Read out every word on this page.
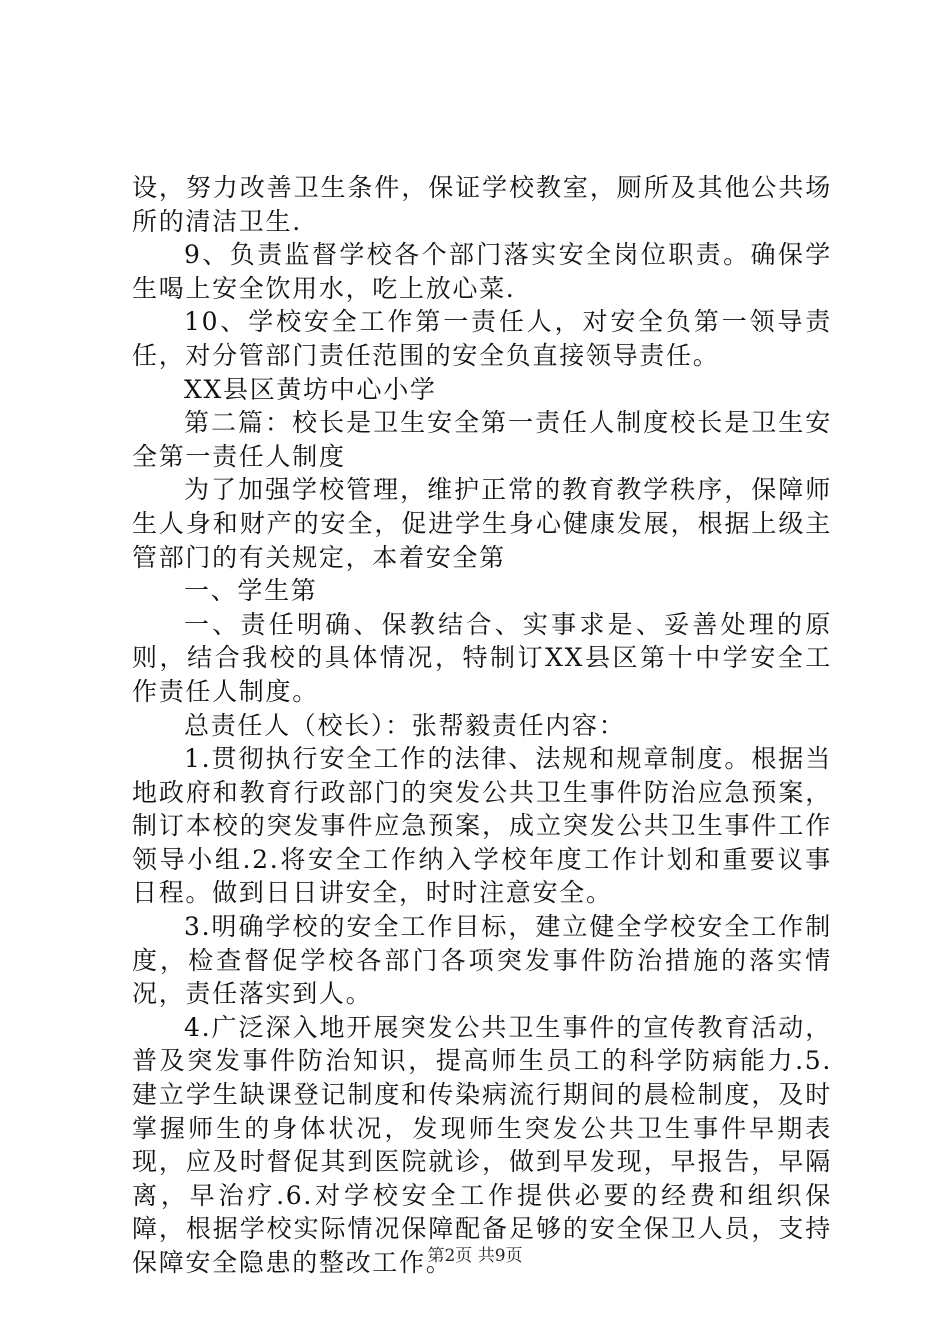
设，努力改善卫生条件，保证学校教室，厕所及其他公共场所的清洁卫生.

9、负责监督学校各个部门落实安全岗位职责。确保学生喝上安全饮用水，吃上放心菜.

10、学校安全工作第一责任人，对安全负第一领导责任，对分管部门责任范围的安全负直接领导责任。

XX县区黄坊中心小学

第二篇：校长是卫生安全第一责任人制度校长是卫生安全第一责任人制度

为了加强学校管理，维护正常的教育教学秩序，保障师生人身和财产的安全，促进学生身心健康发展，根据上级主管部门的有关规定，本着安全第

一、学生第

一、责任明确、保教结合、实事求是、妥善处理的原则，结合我校的具体情况，特制订XX县区第十中学安全工作责任人制度。

总责任人（校长）：张帮毅责任内容：

1.贯彻执行安全工作的法律、法规和规章制度。根据当地政府和教育行政部门的突发公共卫生事件防治应急预案，制订本校的突发事件应急预案，成立突发公共卫生事件工作领导小组.2.将安全工作纳入学校年度工作计划和重要议事日程。做到日日讲安全，时时注意安全。

3.明确学校的安全工作目标，建立健全学校安全工作制度，检查督促学校各部门各项突发事件防治措施的落实情况，责任落实到人。

4.广泛深入地开展突发公共卫生事件的宣传教育活动，普及突发事件防治知识，提高师生员工的科学防病能力.5.建立学生缺课登记制度和传染病流行期间的晨检制度，及时掌握师生的身体状况，发现师生突发公共卫生事件早期表现，应及时督促其到医院就诊，做到早发现，早报告，早隔离，早治疗.6.对学校安全工作提供必要的经费和组织保障，根据学校实际情况保障配备足够的安全保卫人员，支持保障安全隐患的整改工作。

第2页 共9页
